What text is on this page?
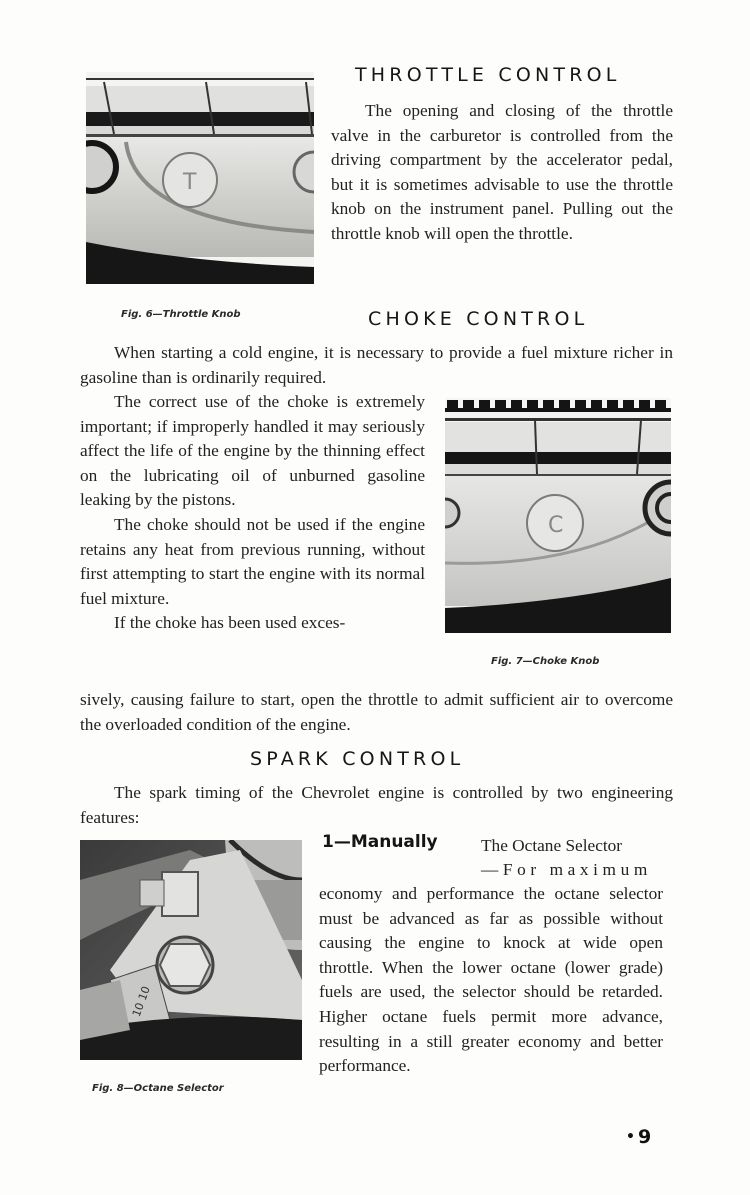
T
Fig. 6—Throttle Knob
THROTTLE CONTROL

The opening and closing of the throttle valve in the carburetor is controlled from the driving compartment by the accelerator pedal, but it is sometimes advisable to use the throttle knob on the instrument panel. Pulling out the throttle knob will open the throttle.

CHOKE CONTROL

When starting a cold engine, it is necessary to provide a fuel mixture richer in gasoline than is ordinarily required.

The correct use of the choke is extremely important; if improperly handled it may seriously affect the life of the engine by the thinning effect on the lubricating oil of unburned gasoline leaking by the pistons.

The choke should not be used if the engine retains any heat from previous running, without first attempting to start the engine with its normal fuel mixture.

If the choke has been used exces-

C
Fig. 7—Choke Knob

sively, causing failure to start, open the throttle to admit sufficient air to overcome the overloaded condition of the engine.

SPARK CONTROL

The spark timing of the Chevrolet engine is controlled by two engineering features:

10 10
Fig. 8—Octane Selector
1—Manually	The Octane Selector
—For maximum

economy and performance the octane selector must be advanced as far as possible without causing the engine to knock at wide open throttle. When the lower octane (lower grade) fuels are used, the selector should be retarded. Higher octane fuels permit more advance, resulting in a still greater economy and better performance.

• 9
